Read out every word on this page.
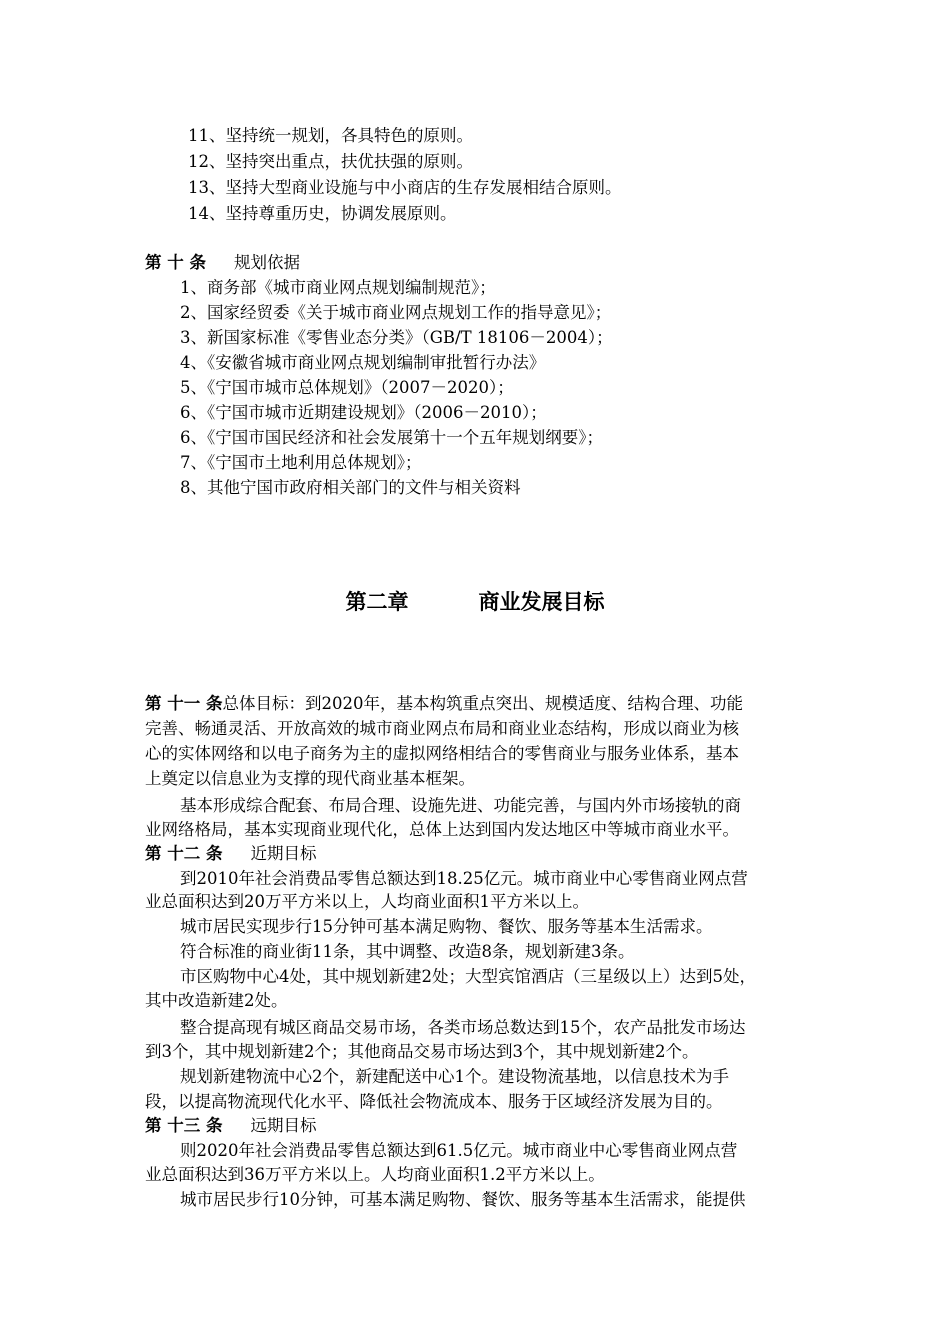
11、坚持统一规划，各具特色的原则。
12、坚持突出重点，扶优扶强的原则。
13、坚持大型商业设施与中小商店的生存发展相结合原则。
14、坚持尊重历史，协调发展原则。
第 十 条 规划依据
1、商务部《城市商业网点规划编制规范》；
2、国家经贸委《关于城市商业网点规划工作的指导意见》；
3、新国家标准《零售业态分类》（GB/T 18106－2004）；
4、《安徽省城市商业网点规划编制审批暂行办法》
5、《宁国市城市总体规划》（2007－2020）；
6、《宁国市城市近期建设规划》（2006－2010）；
6、《宁国市国民经济和社会发展第十一个五年规划纲要》；
7、《宁国市土地利用总体规划》；
8、其他宁国市政府相关部门的文件与相关资料
第二章	商业发展目标
第 十一 条总体目标：到2020年，基本构筑重点突出、规模适度、结构合理、功能
完善、畅通灵活、开放高效的城市商业网点布局和商业业态结构，形成以商业为核
心的实体网络和以电子商务为主的虚拟网络相结合的零售商业与服务业体系，基本
上奠定以信息业为支撑的现代商业基本框架。
基本形成综合配套、布局合理、设施先进、功能完善，与国内外市场接轨的商
业网络格局，基本实现商业现代化，总体上达到国内发达地区中等城市商业水平。
第 十二 条 近期目标
到2010年社会消费品零售总额达到18.25亿元。城市商业中心零售商业网点营
业总面积达到20万平方米以上，人均商业面积1平方米以上。
城市居民实现步行15分钟可基本满足购物、餐饮、服务等基本生活需求。
符合标准的商业街11条，其中调整、改造8条，规划新建3条。
市区购物中心4处，其中规划新建2处；大型宾馆酒店（三星级以上）达到5处，
其中改造新建2处。
整合提高现有城区商品交易市场，各类市场总数达到15个，农产品批发市场达
到3个，其中规划新建2个；其他商品交易市场达到3个，其中规划新建2个。
规划新建物流中心2个，新建配送中心1个。建设物流基地，以信息技术为手
段，以提高物流现代化水平、降低社会物流成本、服务于区域经济发展为目的。
第 十三 条 远期目标
则2020年社会消费品零售总额达到61.5亿元。城市商业中心零售商业网点营
业总面积达到36万平方米以上。人均商业面积1.2平方米以上。
城市居民步行10分钟，可基本满足购物、餐饮、服务等基本生活需求，能提供
